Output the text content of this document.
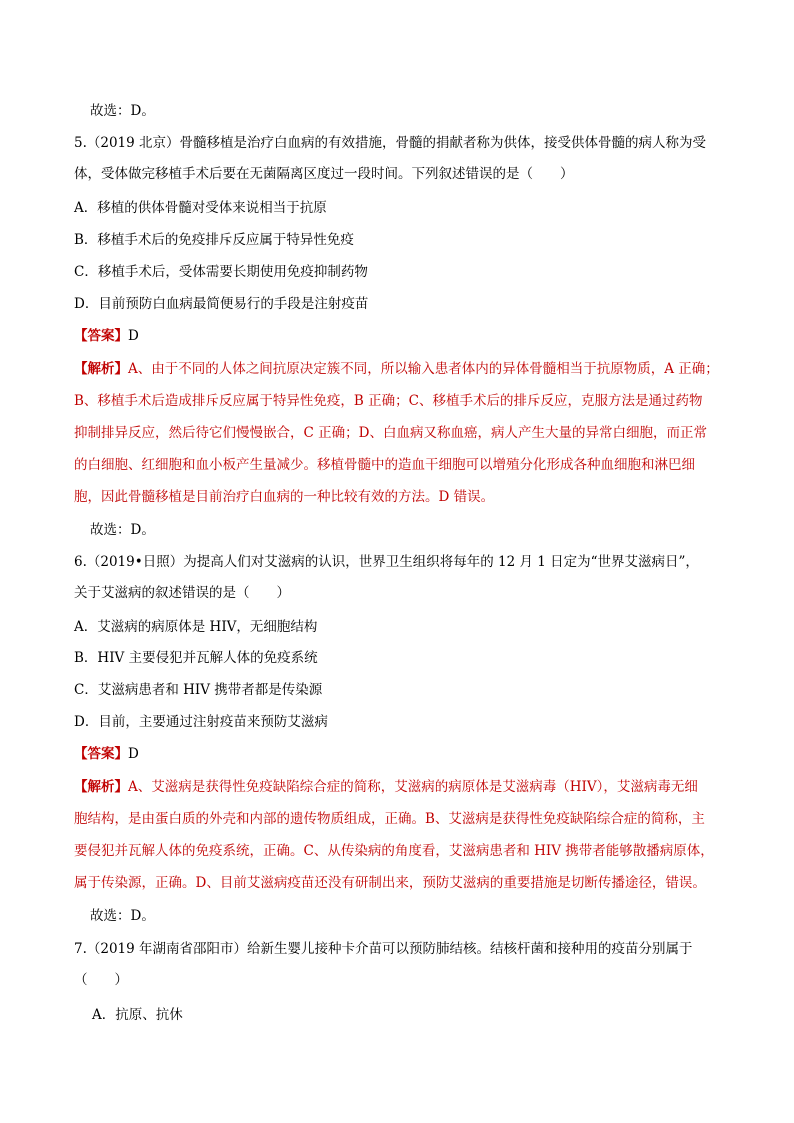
故选：D。
5.（2019 北京）骨髓移植是治疗白血病的有效措施，骨髓的捐献者称为供体，接受供体骨髓的病人称为受
体，受体做完移植手术后要在无菌隔离区度过一段时间。下列叙述错误的是（　　）
A．移植的供体骨髓对受体来说相当于抗原
B．移植手术后的免疫排斥反应属于特异性免疫
C．移植手术后，受体需要长期使用免疫抑制药物
D．目前预防白血病最简便易行的手段是注射疫苗
【答案】D
【解析】A、由于不同的人体之间抗原决定簇不同，所以输入患者体内的异体骨髓相当于抗原物质，A 正确；
B、移植手术后造成排斥反应属于特异性免疫，B 正确；C、移植手术后的排斥反应，克服方法是通过药物
抑制排异反应，然后待它们慢慢嵌合，C 正确；D、白血病又称血癌，病人产生大量的异常白细胞，而正常
的白细胞、红细胞和血小板产生量减少。移植骨髓中的造血干细胞可以增殖分化形成各种血细胞和淋巴细
胞，因此骨髓移植是目前治疗白血病的一种比较有效的方法。D 错误。
故选：D。
6.（2019•日照）为提高人们对艾滋病的认识，世界卫生组织将每年的 12 月 1 日定为“世界艾滋病日”，
关于艾滋病的叙述错误的是（　　）
A．艾滋病的病原体是 HIV，无细胞结构
B．HIV 主要侵犯并瓦解人体的免疫系统
C．艾滋病患者和 HIV 携带者都是传染源
D．目前，主要通过注射疫苗来预防艾滋病
【答案】D
【解析】A、艾滋病是获得性免疫缺陷综合症的简称，艾滋病的病原体是艾滋病毒（HIV），艾滋病毒无细
胞结构，是由蛋白质的外壳和内部的遗传物质组成，正确。B、艾滋病是获得性免疫缺陷综合症的简称，主
要侵犯并瓦解人体的免疫系统，正确。C、从传染病的角度看，艾滋病患者和 HIV 携带者能够散播病原体，
属于传染源，正确。D、目前艾滋病疫苗还没有研制出来，预防艾滋病的重要措施是切断传播途径，错误。
故选：D。
7.（2019 年湖南省邵阳市）给新生婴儿接种卡介苗可以预防肺结核。结核杆菌和接种用的疫苗分别属于
（　　）
A．抗原、抗休
